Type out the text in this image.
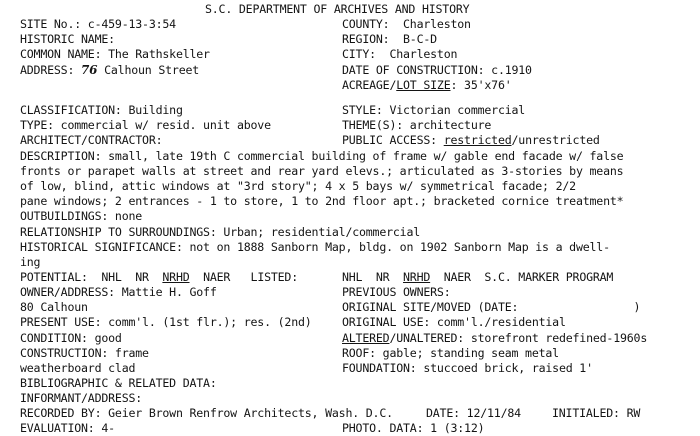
S.C. DEPARTMENT OF ARCHIVES AND HISTORY
SITE No.: c-459-13-3:54
HISTORIC NAME:
COMMON NAME: The Rathskeller
ADDRESS: 76 Calhoun Street
CLASSIFICATION: Building
TYPE: commercial w/ resid. unit above
ARCHITECT/CONTRACTOR:
COUNTY:  Charleston
REGION:  B-C-D
CITY:  Charleston
DATE OF CONSTRUCTION: c.1910
ACREAGE/LOT SIZE: 35'x76'
STYLE: Victorian commercial
THEME(S): architecture
PUBLIC ACCESS: restricted/unrestricted
DESCRIPTION: small, late 19th C commercial building of frame w/ gable end facade w/ false
fronts or parapet walls at street and rear yard elevs.; articulated as 3-stories by means
of low, blind, attic windows at "3rd story"; 4 x 5 bays w/ symmetrical facade; 2/2
pane windows; 2 entrances - 1 to store, 1 to 2nd floor apt.; bracketed cornice treatment*
OUTBUILDINGS: none
RELATIONSHIP TO SURROUNDINGS: Urban; residential/commercial
HISTORICAL SIGNIFICANCE: not on 1888 Sanborn Map, bldg. on 1902 Sanborn Map is a dwell-
ing
POTENTIAL:  NHL  NR  NRHD  NAER   LISTED:	NHL  NR  NRHD  NAER  S.C. MARKER PROGRAM
OWNER/ADDRESS: Mattie H. Goff
80 Calhoun
PRESENT USE: comm'l. (1st flr.); res. (2nd)
CONDITION: good
CONSTRUCTION: frame
weatherboard clad
BIBLIOGRAPHIC & RELATED DATA:
INFORMANT/ADDRESS:
RECORDED BY: Geier Brown Renfrow Architects, Wash. D.C.
EVALUATION: 4-
PREVIOUS OWNERS:
ORIGINAL SITE/MOVED (DATE:                 )
ORIGINAL USE: comm'l./residential
ALTERED/UNALTERED: storefront redefined-1960s
ROOF: gable; standing seam metal
FOUNDATION: stuccoed brick, raised 1'
DATE: 12/11/84	INITIALED: RW
PHOTO. DATA: 1 (3:12)
